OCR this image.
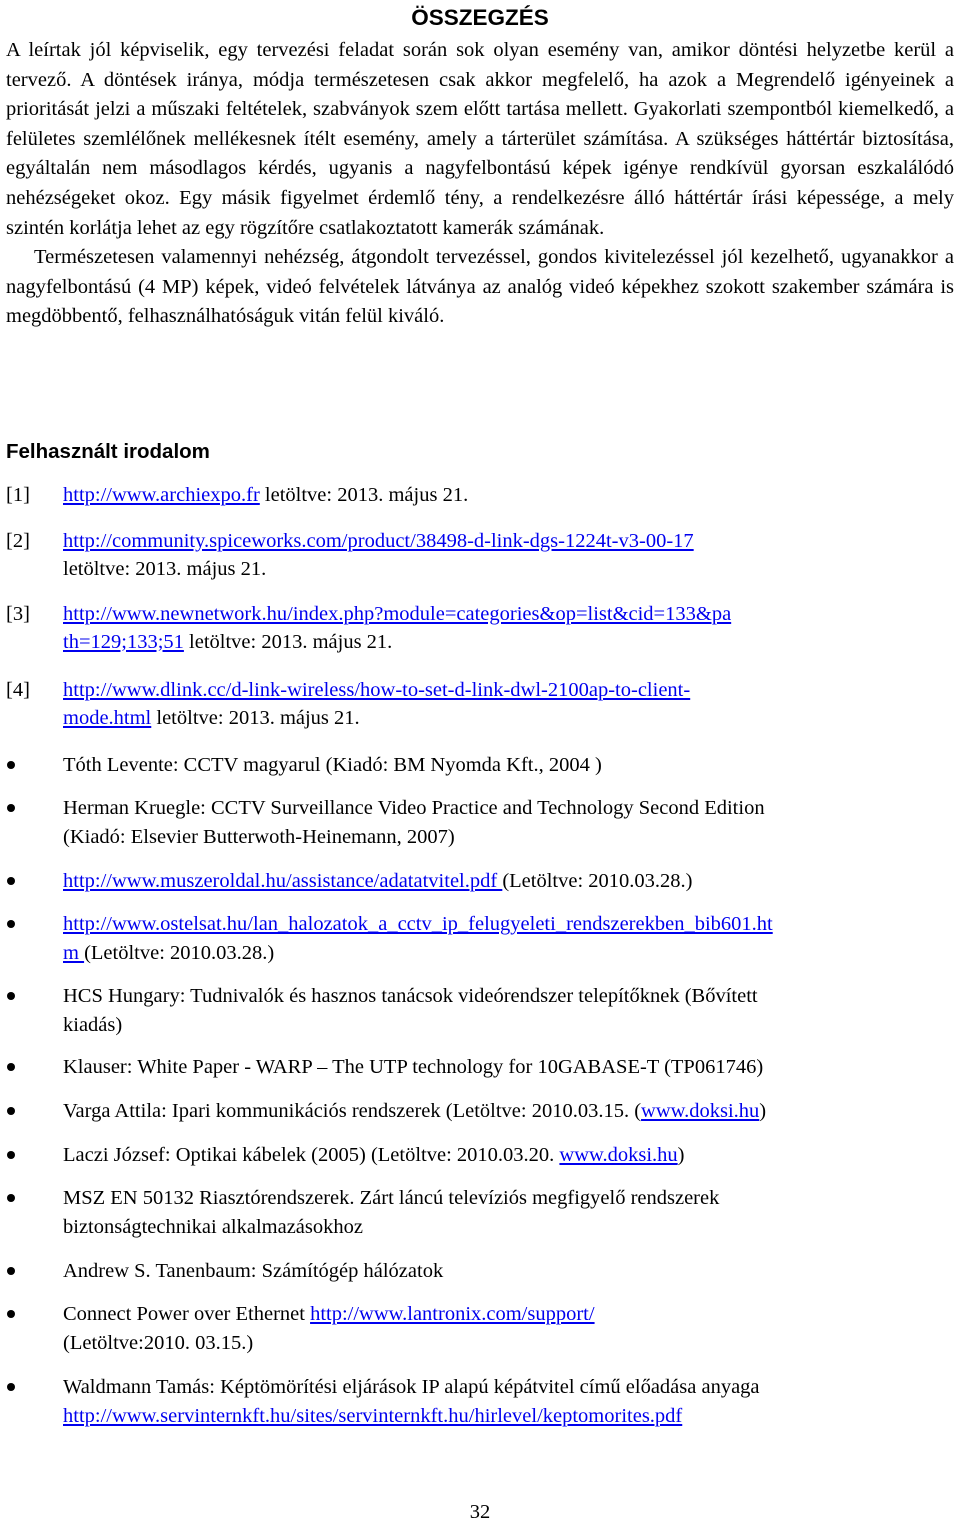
ÖSSZEGZÉS

A leírtak jól képviselik, egy tervezési feladat során sok olyan esemény van, amikor döntési helyzetbe kerül a tervező. A döntések iránya, módja természetesen csak akkor megfelelő, ha azok a Megrendelő igényeinek a prioritását jelzi a műszaki feltételek, szabványok szem előtt tartása mellett. Gyakorlati szempontból kiemelkedő, a felületes szemlélőnek mellékesnek ítélt esemény, amely a tárterület számítása. A szükséges háttértár biztosítása, egyáltalán nem másodlagos kérdés, ugyanis a nagyfelbontású képek igénye rendkívül gyorsan eszkalálódó nehézségeket okoz. Egy másik figyelmet érdemlő tény, a rendelkezésre álló háttértár írási képessége, a mely szintén korlátja lehet az egy rögzítőre csatlakoztatott kamerák számának.

Természetesen valamennyi nehézség, átgondolt tervezéssel, gondos kivitelezéssel jól kezelhető, ugyanakkor a nagyfelbontású (4 MP) képek, videó felvételek látványa az analóg videó képekhez szokott szakember számára is megdöbbentő, felhasználhatóságuk vitán felül kiváló.

Felhasznált irodalom
[1] http://www.archiexpo.fr letöltve: 2013. május 21.
[2] http://community.spiceworks.com/product/38498-d-link-dgs-1224t-v3-00-17
letöltve: 2013. május 21.
[3] http://www.newnetwork.hu/index.php?module=categories&op=list&cid=133&pa
th=129;133;51 letöltve: 2013. május 21.
[4] http://www.dlink.cc/d-link-wireless/how-to-set-d-link-dwl-2100ap-to-client-
mode.html letöltve: 2013. május 21.
Tóth Levente: CCTV magyarul (Kiadó: BM Nyomda Kft., 2004 )
Herman Kruegle: CCTV Surveillance Video Practice and Technology Second Edition
(Kiadó: Elsevier Butterwoth-Heinemann, 2007)
http://www.muszeroldal.hu/assistance/adatatvitel.pdf (Letöltve: 2010.03.28.)
http://www.ostelsat.hu/lan_halozatok_a_cctv_ip_felugyeleti_rendszerekben_bib601.ht
m (Letöltve: 2010.03.28.)
HCS Hungary: Tudnivalók és hasznos tanácsok videórendszer telepítőknek (Bővített
kiadás)
Klauser: White Paper - WARP – The UTP technology for 10GABASE-T (TP061746)
Varga Attila: Ipari kommunikációs rendszerek (Letöltve: 2010.03.15. (www.doksi.hu)
Laczi József: Optikai kábelek (2005) (Letöltve: 2010.03.20. www.doksi.hu)
MSZ EN 50132 Riasztórendszerek. Zárt láncú televíziós megfigyelő rendszerek
biztonságtechnikai alkalmazásokhoz
Andrew S. Tanenbaum: Számítógép hálózatok
Connect Power over Ethernet http://www.lantronix.com/support/
(Letöltve:2010. 03.15.)
Waldmann Tamás: Képtömörítési eljárások IP alapú képátvitel című előadása anyaga
http://www.servinternkft.hu/sites/servinternkft.hu/hirlevel/keptomorites.pdf
32
